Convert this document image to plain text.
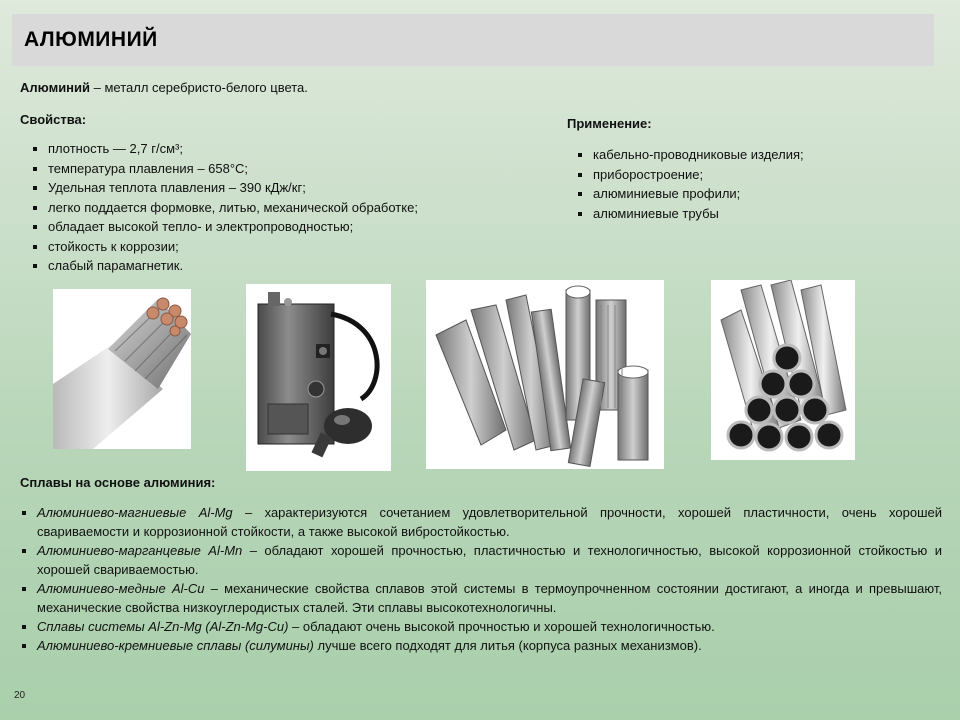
АЛЮМИНИЙ
Алюминий – металл серебристо-белого цвета.
Свойства:
плотность — 2,7 г/см³;
температура плавления – 658°С;
Удельная теплота плавления – 390 кДж/кг;
легко поддается формовке, литью, механической обработке;
обладает высокой тепло- и электропроводностью;
стойкость к коррозии;
слабый парамагнетик.
Применение:
кабельно-проводниковые изделия;
приборостроение;
алюминиевые профили;
алюминиевые трубы
Сплавы на основе алюминия:
Алюминиево-магниевые Al-Mg – характеризуются сочетанием удовлетворительной прочности, хорошей пластичности, очень хорошей свариваемости и коррозионной стойкости, а также высокой вибростойкостью.
Алюминиево-марганцевые Al-Mn – обладают хорошей прочностью, пластичностью и технологичностью, высокой коррозионной стойкостью и хорошей свариваемостью.
Алюминиево-медные Al-Cu – механические свойства сплавов этой системы в термоупрочненном состоянии достигают, а иногда и превышают, механические свойства низкоуглеродистых сталей. Эти сплавы высокотехнологичны.
Сплавы системы Al-Zn-Mg (Al-Zn-Mg-Cu) – обладают очень высокой прочностью и хорошей технологичностью.
Алюминиево-кремниевые сплавы (силумины) лучше всего подходят для литья (корпуса разных механизмов).
20
